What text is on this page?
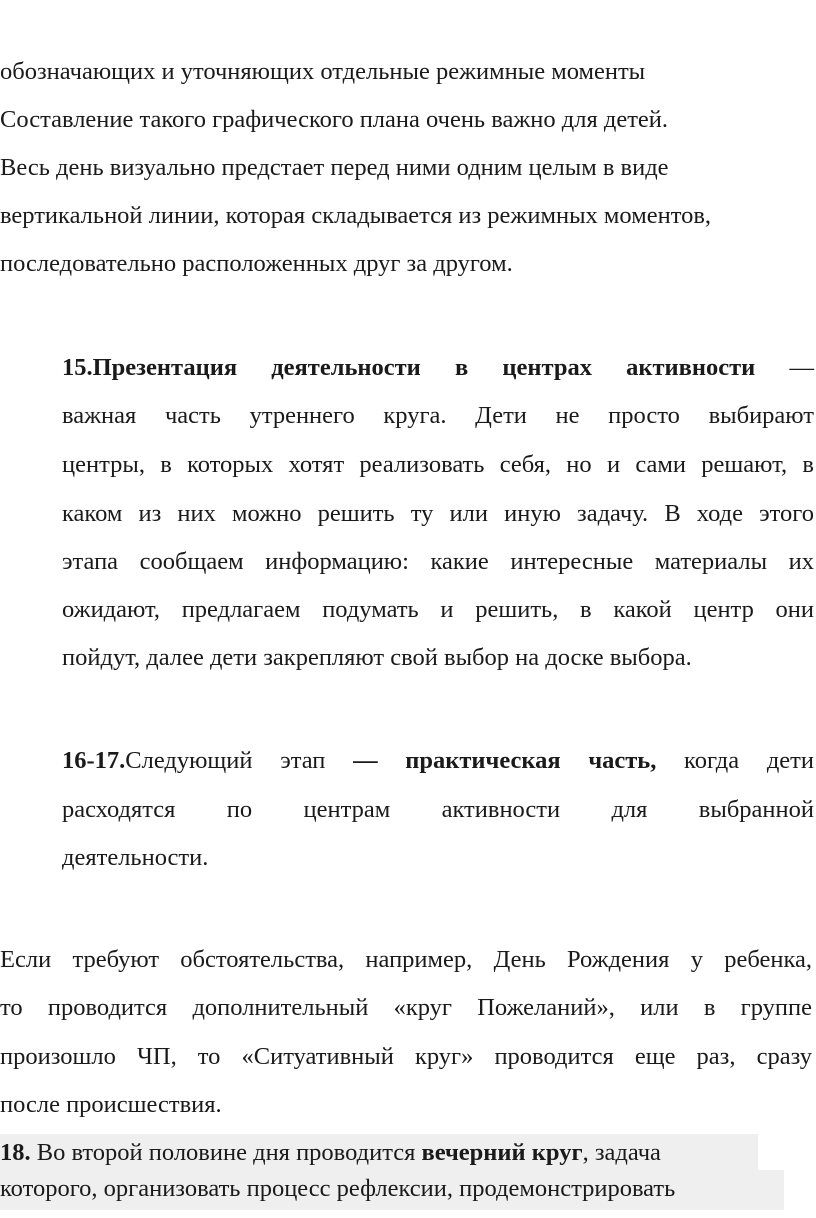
обозначающих и уточняющих отдельные режимные моменты
Составление такого графического плана очень важно для детей.
Весь день визуально предстает перед ними одним целым в виде
вертикальной линии, которая складывается из режимных моментов,
последовательно расположенных друг за другом.
15.Презентация деятельности в центрах активности —
важная часть утреннего круга. Дети не просто выбирают
центры, в которых хотят реализовать себя, но и сами решают, в
каком из них можно решить ту или иную задачу. В ходе этого
этапа сообщаем информацию: какие интересные материалы их
ожидают, предлагаем подумать и решить, в какой центр они
пойдут, далее дети закрепляют свой выбор на доске выбора.
16-17.Следующий этап — практическая часть, когда дети
расходятся по центрам активности для выбранной
деятельности.
Если требуют обстоятельства, например, День Рождения у ребенка,
то проводится дополнительный «круг Пожеланий», или в группе
произошло ЧП, то «Ситуативный круг» проводится еще раз, сразу
после происшествия.
18. Во второй половине дня проводится вечерний круг, задача
которого, организовать процесс рефлексии, продемонстрировать
